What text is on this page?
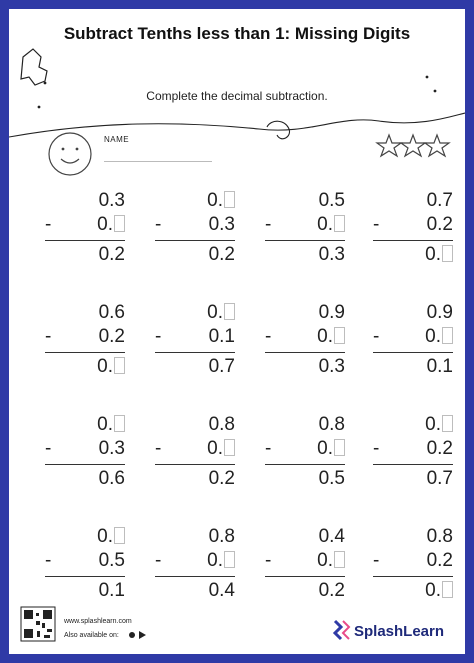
Subtract Tenths less than 1: Missing Digits
Complete the decimal subtraction.
NAME
0.3
- 0.
0.2
0.
- 0.3
0.2
0.5
- 0.
0.3
0.7
- 0.2
0.
0.6
- 0.2
0.
0.
- 0.1
0.7
0.9
- 0.
0.3
0.9
- 0.
0.1
0.
- 0.3
0.6
0.8
- 0.
0.2
0.8
- 0.
0.5
0.
- 0.2
0.7
0.
- 0.5
0.1
0.8
- 0.
0.4
0.4
- 0.
0.2
0.8
- 0.2
0.
www.splashlearn.com
Also available on:	SplashLearn
